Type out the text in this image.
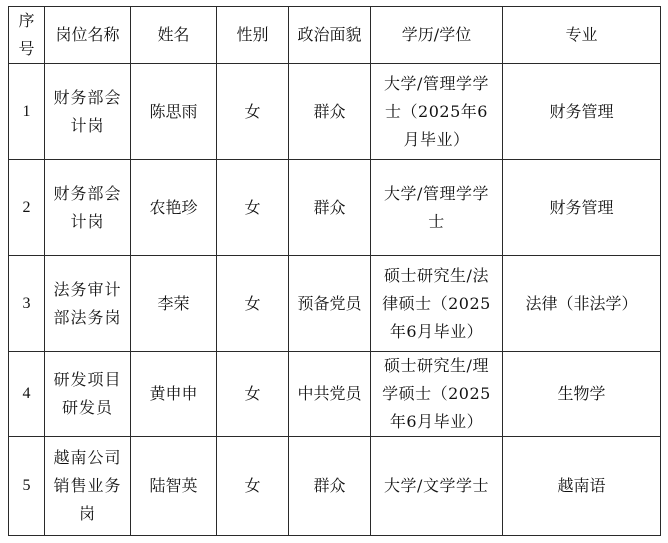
序号	岗位名称	姓名	性别	政治面貌	学历/学位	专业
1	财务部会计岗	陈思雨	女	群众	大学/管理学学士（2025年6月毕业）	财务管理
2	财务部会计岗	农艳珍	女	群众	大学/管理学学士	财务管理
3	法务审计部法务岗	李荣	女	预备党员	硕士研究生/法律硕士（2025年6月毕业）	法律（非法学）
4	研发项目研发员	黄申申	女	中共党员	硕士研究生/理学硕士（2025年6月毕业）	生物学
5	越南公司销售业务岗	陆智英	女	群众	大学/文学学士	越南语
